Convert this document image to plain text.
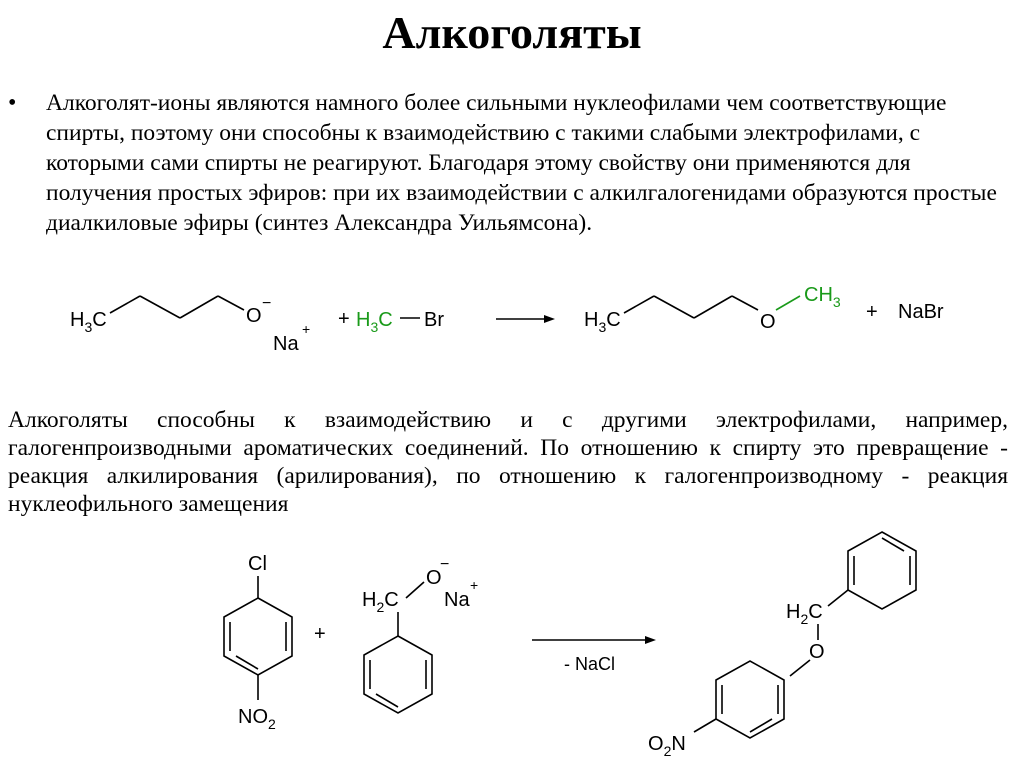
Алкоголяты
• Алкоголят-ионы являются намного более сильными нуклеофилами чем соответствующие спирты, поэтому они способны к взаимодействию с такими слабыми электрофилами, с которыми сами спирты не реагируют. Благодаря этому свойству они применяются для получения простых эфиров: при их взаимодействии с алкилгалогенидами образуются простые диалкиловые эфиры (синтез Александра Уильямсона).
$H_3C$	O
−
Na
+ + $H_3C$ Br	$H_3C$	O
$CH_3$ + NaBr
Алкоголяты способны к взаимодействию и с другими электрофилами, например, галогенпроизводными ароматических соединений. По отношению к спирту это превращение - реакция алкилирования (арилирования), по отношению к галогенпроизводному - реакция нуклеофильного замещения
Cl
$NO_2$
+
$H_2C$
O
−
Na
+
- NaCl
$H_2C$
O
$O_2N$
